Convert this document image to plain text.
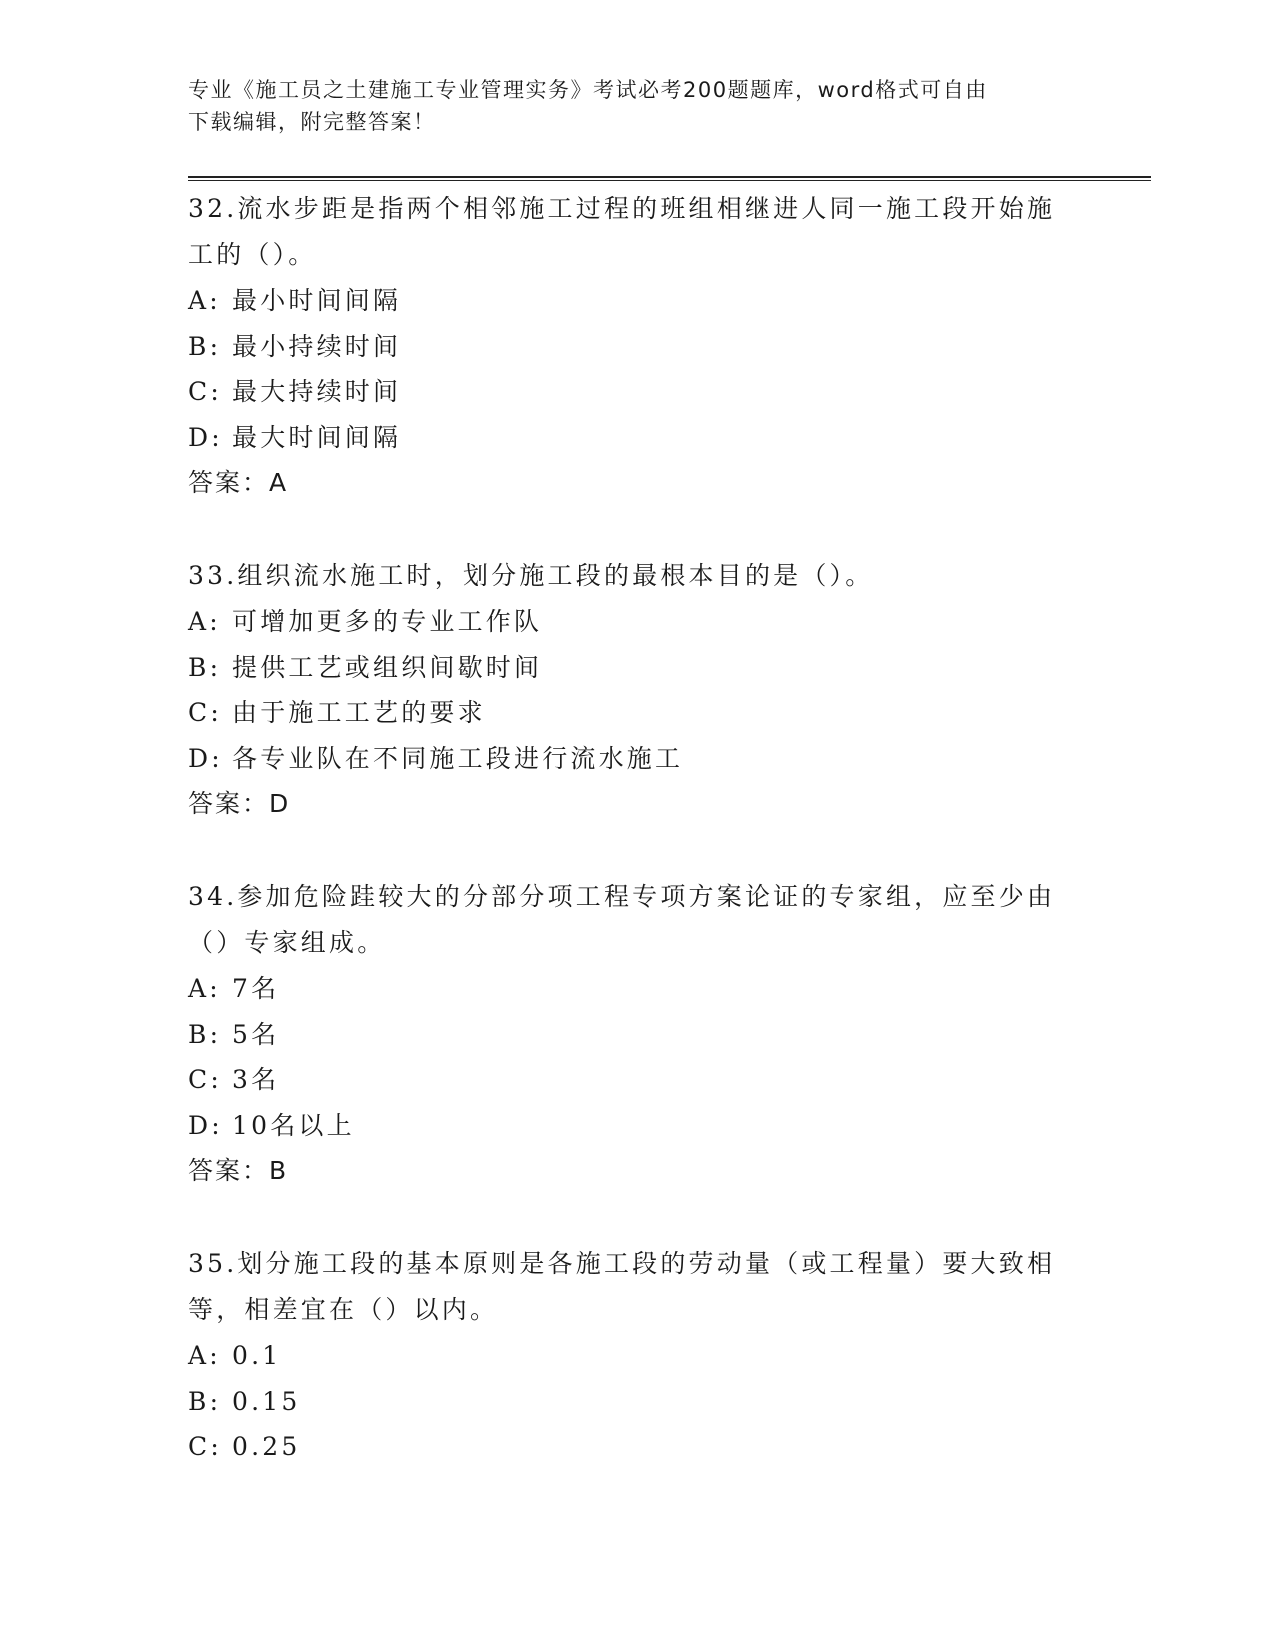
专业《施工员之土建施工专业管理实务》考试必考200题题库，word格式可自由
下载编辑，附完整答案！
32.流水步距是指两个相邻施工过程的班组相继进人同一施工段开始施
工的（）。
A: 最小时间间隔
B: 最小持续时间
C: 最大持续时间
D: 最大时间间隔
答案：A
33.组织流水施工时，划分施工段的最根本目的是（）。
A: 可增加更多的专业工作队
B: 提供工艺或组织间歇时间
C: 由于施工工艺的要求
D: 各专业队在不同施工段进行流水施工
答案：D
34.参加危险跬较大的分部分项工程专项方案论证的专家组，应至少由
（）专家组成。
A: 7名
B: 5名
C: 3名
D: 10名以上
答案：B
35.划分施工段的基本原则是各施工段的劳动量（或工程量）要大致相
等，相差宜在（）以内。
A: 0.1
B: 0.15
C: 0.25
